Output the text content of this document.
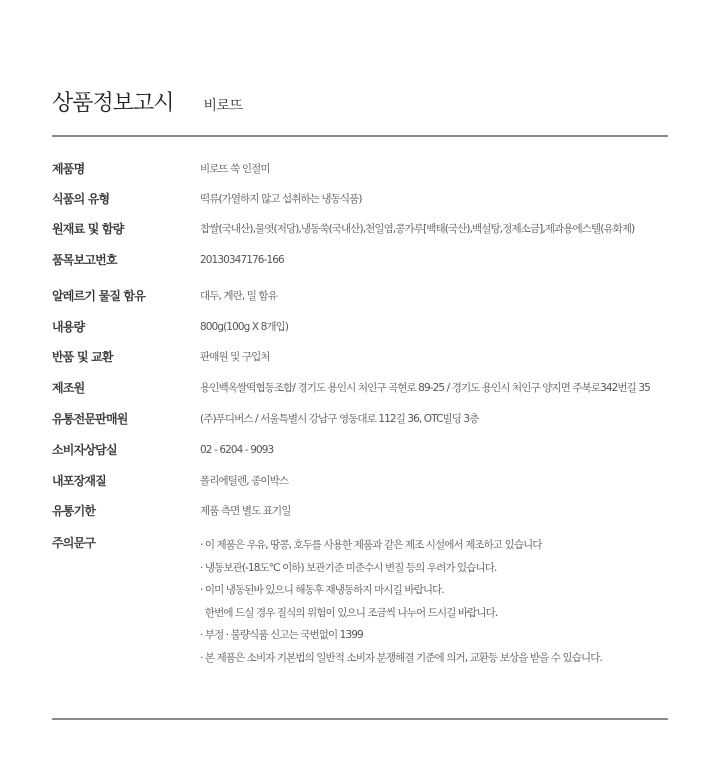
상품정보고시 비로뜨
제품명	비로뜨 쑥 인절미
식품의 유형	떡류(가열하지 않고 섭취하는 냉동식품)
원재료 및 함량	찹쌀(국내산),물엿(저당),냉동쑥(국내산),천일염,콩가루[백태(국산),백설탕,정제소금],제과용에스텔(유화제)
품목보고번호	20130347176-166
알레르기 물질 함유	대두, 계란, 밀 함유
내용량	800g(100g X 8개입)
반품 및 교환	판매원 및 구입처
제조원	용인백옥쌀떡협동조합/ 경기도 용인시 처인구 곡현로 89-25 / 경기도 용인시 처인구 양지면 주북로342번길 35
유통전문판매원	(주)푸디버스 / 서울특별시 강남구 영동대로 112길 36, OTC빌딩 3층
소비자상담실	02 - 6204 - 9093
내포장재질	폴리에틸렌, 종이박스
유통기한	제품 측면 별도 표기일
주의문구	· 이 제품은 우유, 땅콩, 호두를 사용한 제품과 같은 제조 시설에서 제조하고 있습니다
· 냉동보관(-18도℃ 이하) 보관기준 미준수시 변질 등의 우려가 있습니다.
· 이미 냉동된바 있으니 해동후 재냉동하지 마시길 바랍니다.
한번에 드실 경우 질식의 위험이 있으니 조금씩 나누어 드시길 바랍니다.
· 부정 · 불량식품 신고는 국번없이 1399
· 본 제품은 소비자 기본법의 일반적 소비자 분쟁해결 기준에 의거, 교환등 보상을 받을 수 있습니다.
